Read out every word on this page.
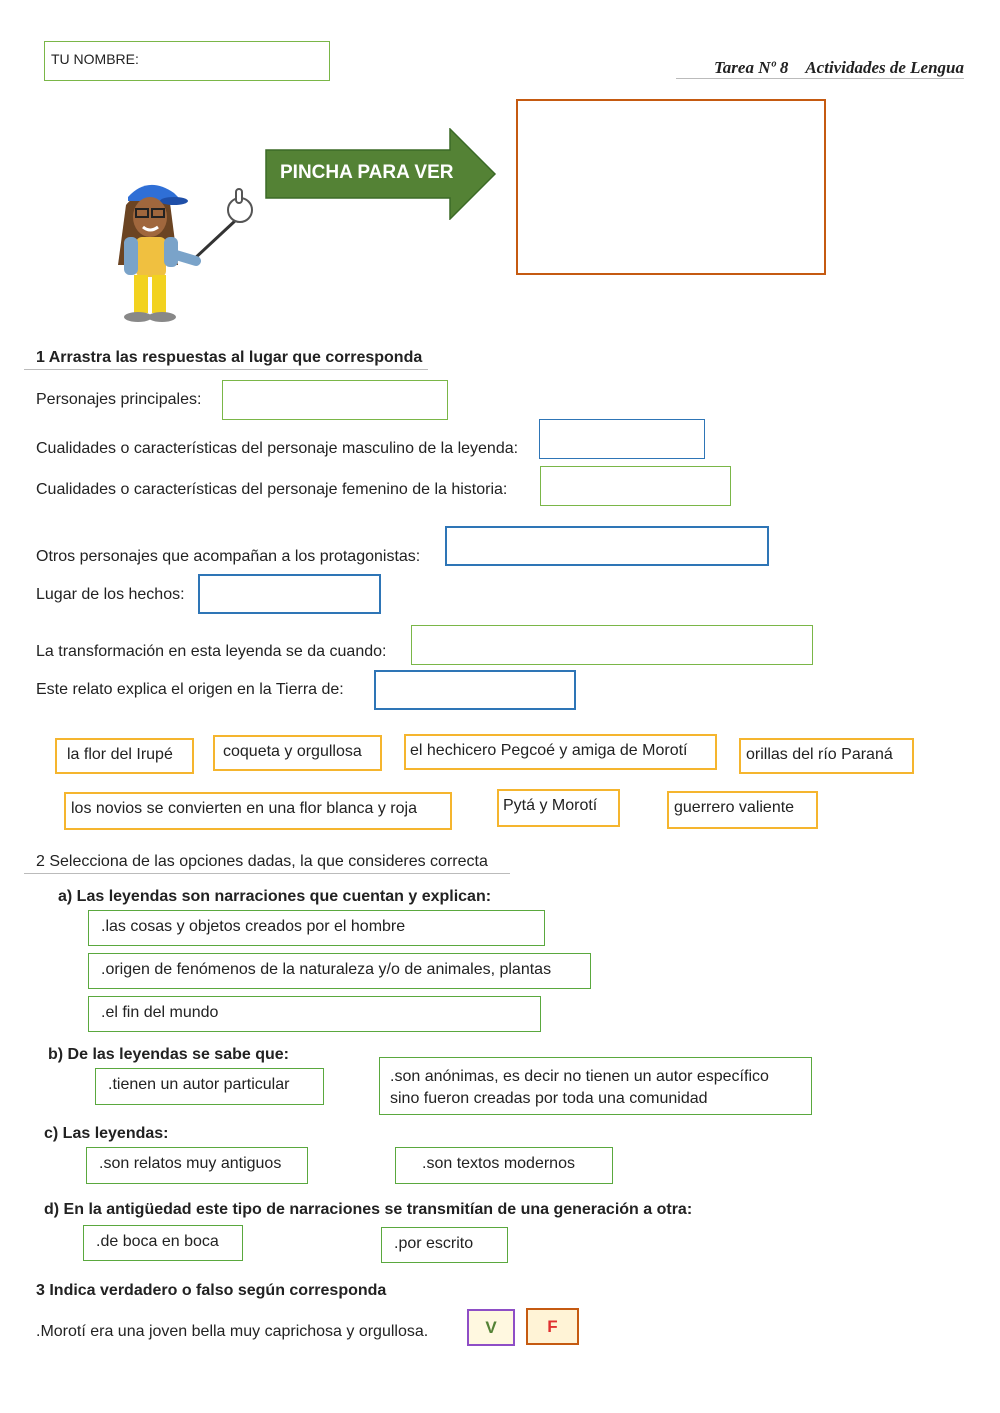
TU NOMBRE:	Tarea Nº 8 Actividades de Lengua
PINCHA PARA VER
1 Arrastra las respuestas al lugar que corresponda
Personajes principales:
Cualidades o características del personaje masculino de la leyenda:
Cualidades o características del personaje femenino de la historia:
Otros personajes que acompañan a los protagonistas:
Lugar de los hechos:
La transformación en esta leyenda se da cuando:
Este relato explica el origen en la Tierra de:
la flor del Irupé	coqueta y orgullosa	el hechicero Pegcoé y amiga de Morotí	orillas del río Paraná
los novios se convierten en una flor blanca y roja	Pytá y Morotí	guerrero valiente
2 Selecciona de las opciones dadas, la que consideres correcta
a) Las leyendas son narraciones que cuentan y explican:
.las cosas y objetos creados por el hombre
.origen de fenómenos de la naturaleza y/o de animales, plantas
.el fin del mundo
b) De las leyendas se sabe que:
.tienen un autor particular	.son anónimas, es decir no tienen un autor específico
sino fueron creadas por toda una comunidad
c) Las leyendas:
.son relatos muy antiguos	.son textos modernos
d) En la antigüedad este tipo de narraciones se transmitían de una generación a otra:
.de boca en boca	.por escrito
3 Indica verdadero o falso según corresponda
.Morotí era una joven bella muy caprichosa y orgullosa.	V	F
